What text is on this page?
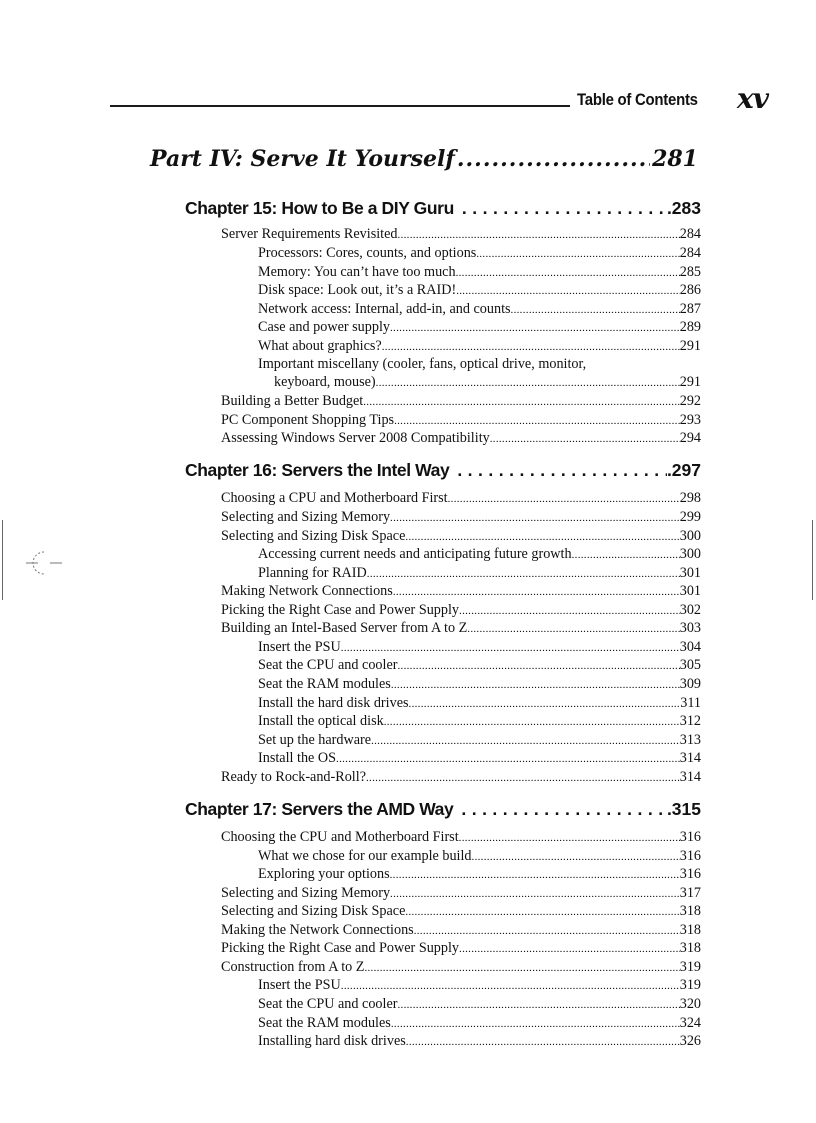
Table of Contents xv
Part IV: Serve It Yourself .....	281
Chapter 15: How to Be a DIY Guru .....	.283
Server Requirements Revisited .....	284
Processors: Cores, counts, and options .....	284
Memory: You can’t have too much .....	285
Disk space: Look out, it’s a RAID! .....	286
Network access: Internal, add-in, and counts .....	287
Case and power supply .....	289
What about graphics? .....	291
Important miscellany (cooler, fans, optical drive, monitor,
keyboard, mouse) .....	291
Building a Better Budget .....	292
PC Component Shopping Tips .....	293
Assessing Windows Server 2008 Compatibility .....	294
Chapter 16: Servers the Intel Way .....	.297
Choosing a CPU and Motherboard First .....	298
Selecting and Sizing Memory .....	299
Selecting and Sizing Disk Space .....	300
Accessing current needs and anticipating future growth .....	300
Planning for RAID .....	301
Making Network Connections .....	301
Picking the Right Case and Power Supply .....	302
Building an Intel-Based Server from A to Z .....	303
Insert the PSU .....	304
Seat the CPU and cooler .....	305
Seat the RAM modules .....	309
Install the hard disk drives .....	311
Install the optical disk .....	312
Set up the hardware .....	313
Install the OS .....	314
Ready to Rock-and-Roll? .....	314
Chapter 17: Servers the AMD Way .....	.315
Choosing the CPU and Motherboard First .....	316
What we chose for our example build .....	316
Exploring your options .....	316
Selecting and Sizing Memory .....	317
Selecting and Sizing Disk Space .....	318
Making the Network Connections .....	318
Picking the Right Case and Power Supply .....	318
Construction from A to Z .....	319
Insert the PSU .....	319
Seat the CPU and cooler .....	320
Seat the RAM modules .....	324
Installing hard disk drives .....	326
